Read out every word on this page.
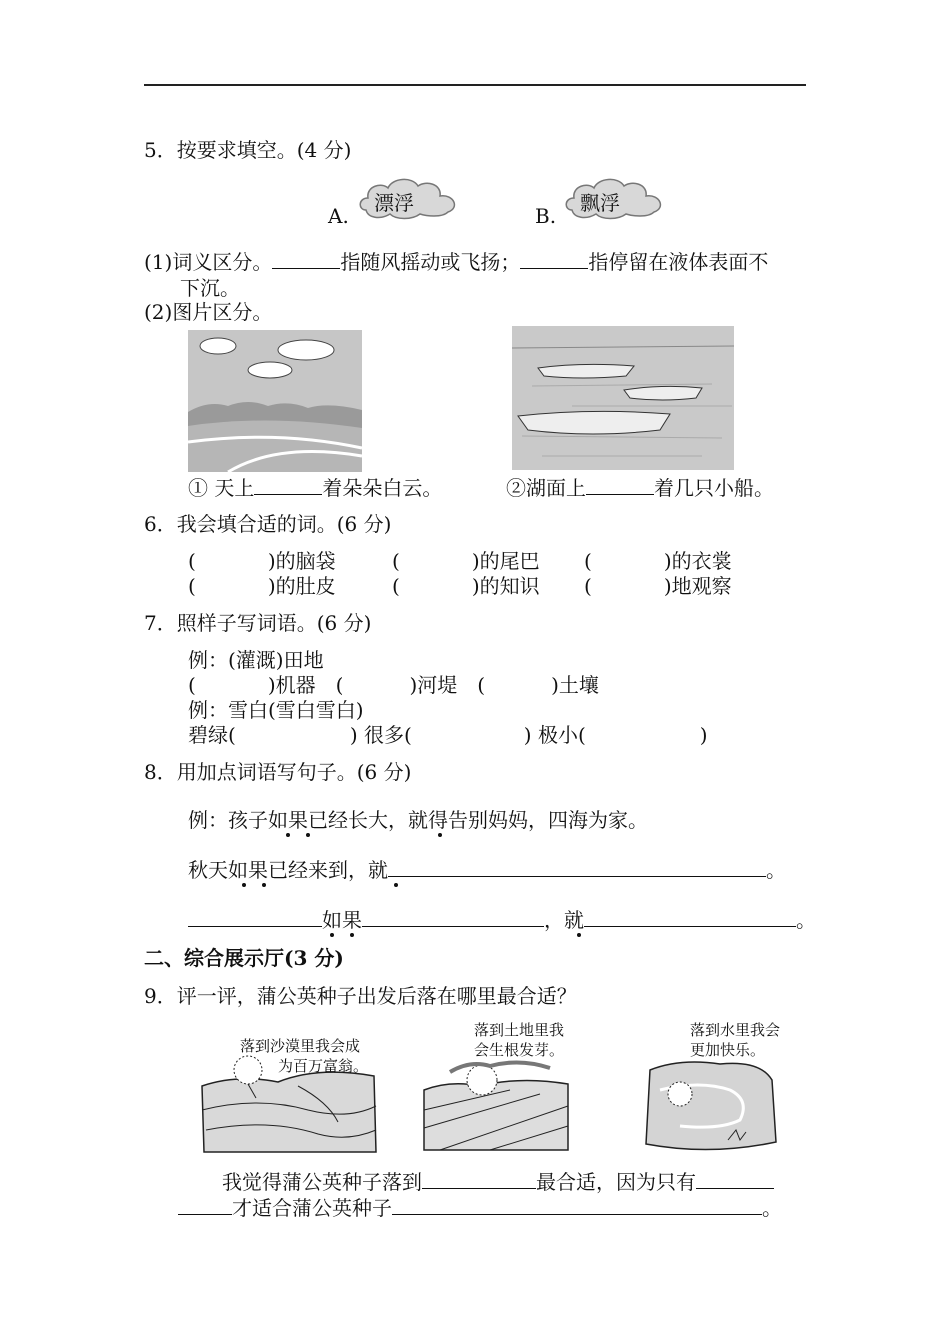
5．按要求填空。(4 分)
A.
漂浮
B.
飘浮
(1)词义区分。	指随风摇动或飞扬；	指停留在液体表面不
下沉。
(2)图片区分。
① 天上	着朵朵白云。	②湖面上	着几只小船。
6．我会填合适的词。(6 分)
(	)的脑袋	(	)的尾巴 (	)的衣裳
(	)的肚皮	(	)的知识 (	)地观察
7．照样子写词语。(6 分)
例：(灌溉)田地
(	)机器 (	)河堤 (	)土壤
例：雪白(雪白雪白)
碧绿(	) 很多(	) 极小(	)
8．用加点词语写句子。(6 分)
例：孩子如果已经长大，就得告别妈妈，四海为家。
秋天如果已经来到，就	。
如果	，就	。
二、综合展示厅(3 分)
9．评一评，蒲公英种子出发后落在哪里最合适？
落到沙漠里我会成
为百万富翁。
落到土地里我
会生根发芽。
落到水里我会
更加快乐。
我觉得蒲公英种子落到	最合适，因为只有
才适合蒲公英种子	。
